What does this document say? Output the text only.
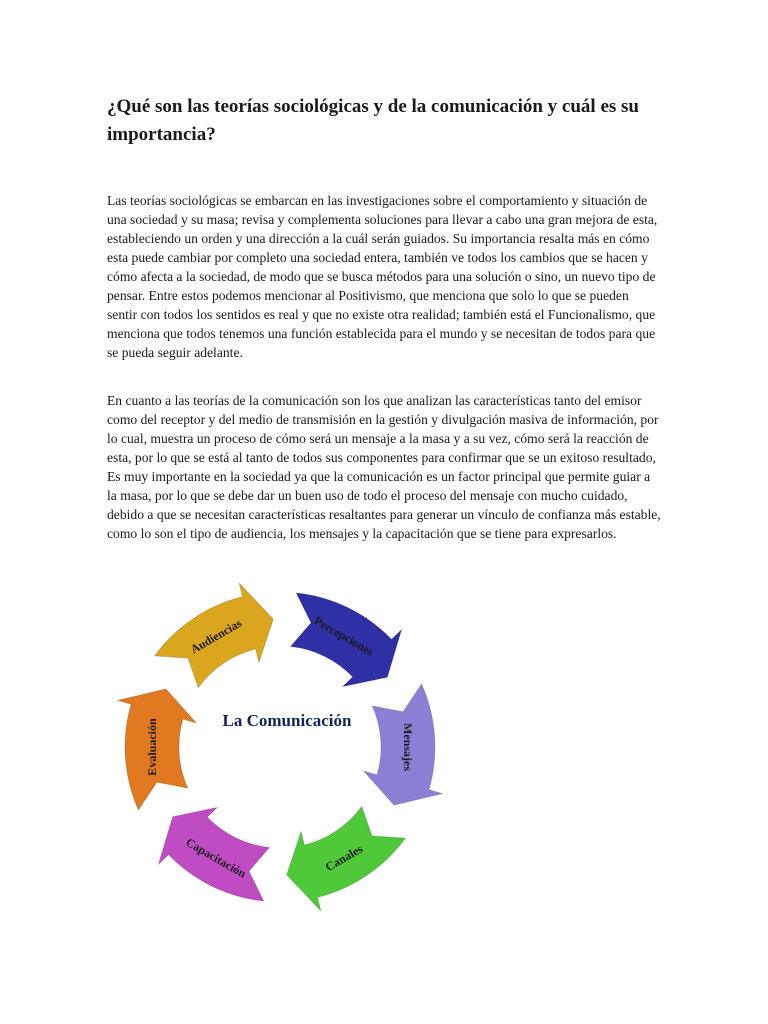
¿Qué son las teorías sociológicas y de la comunicación y cuál es su importancia?

Las teorías sociológicas se embarcan en las investigaciones sobre el comportamiento y situación de una sociedad y su masa; revisa y complementa soluciones para llevar a cabo una gran mejora de esta, estableciendo un orden y una dirección a la cuál serán guiados. Su importancia resalta más en cómo esta puede cambiar por completo una sociedad entera, también ve todos los cambios que se hacen y cómo afecta a la sociedad, de modo que se busca métodos para una solución o sino, un nuevo tipo de pensar. Entre estos podemos mencionar al Positivismo, que menciona que solo lo que se pueden sentir con todos los sentidos es real y que no existe otra realidad; también está el Funcionalismo, que menciona que todos tenemos una función establecida para el mundo y se necesitan de todos para que se pueda seguir adelante.

En cuanto a las teorías de la comunicación son los que analizan las características tanto del emisor como del receptor y del medio de transmisión en la gestión y divulgación masiva de información, por lo cual, muestra un proceso de cómo será un mensaje a la masa y a su vez, cómo será la reacción de esta, por lo que se está al tanto de todos sus componentes para confirmar que se un exitoso resultado, Es muy importante en la sociedad ya que la comunicación es un factor principal que permite guiar a la masa, por lo que se debe dar un buen uso de todo el proceso del mensaje con mucho cuidado, debido a que se necesitan características resaltantes para generar un vínculo de confianza más estable, como lo son el tipo de audiencia, los mensajes y la capacitación que se tiene para expresarlos.

Percepciones
Mensajes
Canales
Capacitación
Evaluación
Audiencias
La Comunicación
